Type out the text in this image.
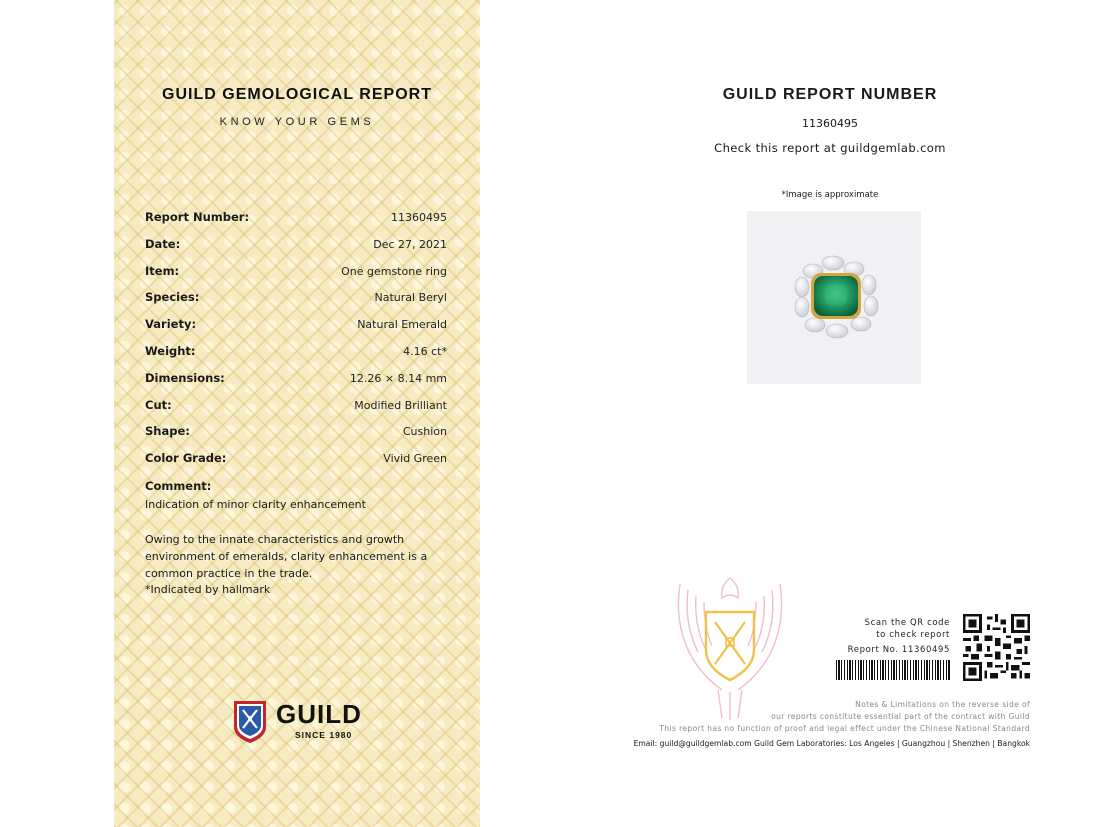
GUILD GEMOLOGICAL REPORT
KNOW YOUR GEMS
Report Number:	11360495
Date:	Dec 27, 2021
Item:	One gemstone ring
Species:	Natural Beryl
Variety:	Natural Emerald
Weight:	4.16 ct*
Dimensions:	12.26 × 8.14 mm
Cut:	Modified Brilliant
Shape:	Cushion
Color Grade:	Vivid Green
Comment:
Indication of minor clarity enhancement
Owing to the innate characteristics and growth
environment of emeralds, clarity enhancement is a
common practice in the trade.
*Indicated by hallmark
GUILD
SINCE 1980
GUILD REPORT NUMBER
11360495
Check this report at guildgemlab.com
*Image is approximate
Scan the QR code
to check report
Report No. 11360495
Notes & Limitations on the reverse side of
our reports constitute essential part of the contract with Guild
This report has no function of proof and legal effect under the Chinese National Standard
Email: guild@guildgemlab.com Guild Gem Laboratories: Los Angeles | Guangzhou | Shenzhen | Bangkok
